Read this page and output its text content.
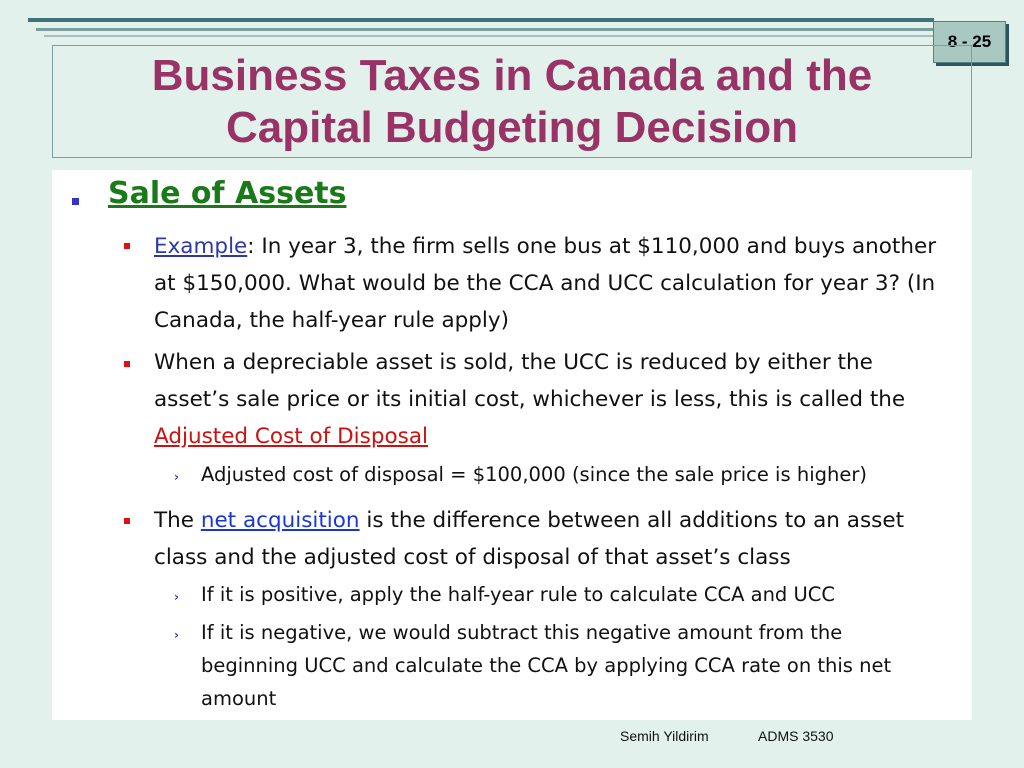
8 - 25
Business Taxes in Canada and the
Capital Budgeting Decision
Sale of Assets
Example: In year 3, the firm sells one bus at $110,000 and buys another at $150,000. What would be the CCA and UCC calculation for year 3? (In Canada, the half-year rule apply)
When a depreciable asset is sold, the UCC is reduced by either the asset’s sale price or its initial cost, whichever is less, this is called the Adjusted Cost of Disposal
› Adjusted cost of disposal = $100,000 (since the sale price is higher)
The net acquisition is the difference between all additions to an asset class and the adjusted cost of disposal of that asset’s class
› If it is positive, apply the half-year rule to calculate CCA and UCC
› If it is negative, we would subtract this negative amount from the beginning UCC and calculate the CCA by applying CCA rate on this net amount
Semih Yildirim	ADMS 3530
